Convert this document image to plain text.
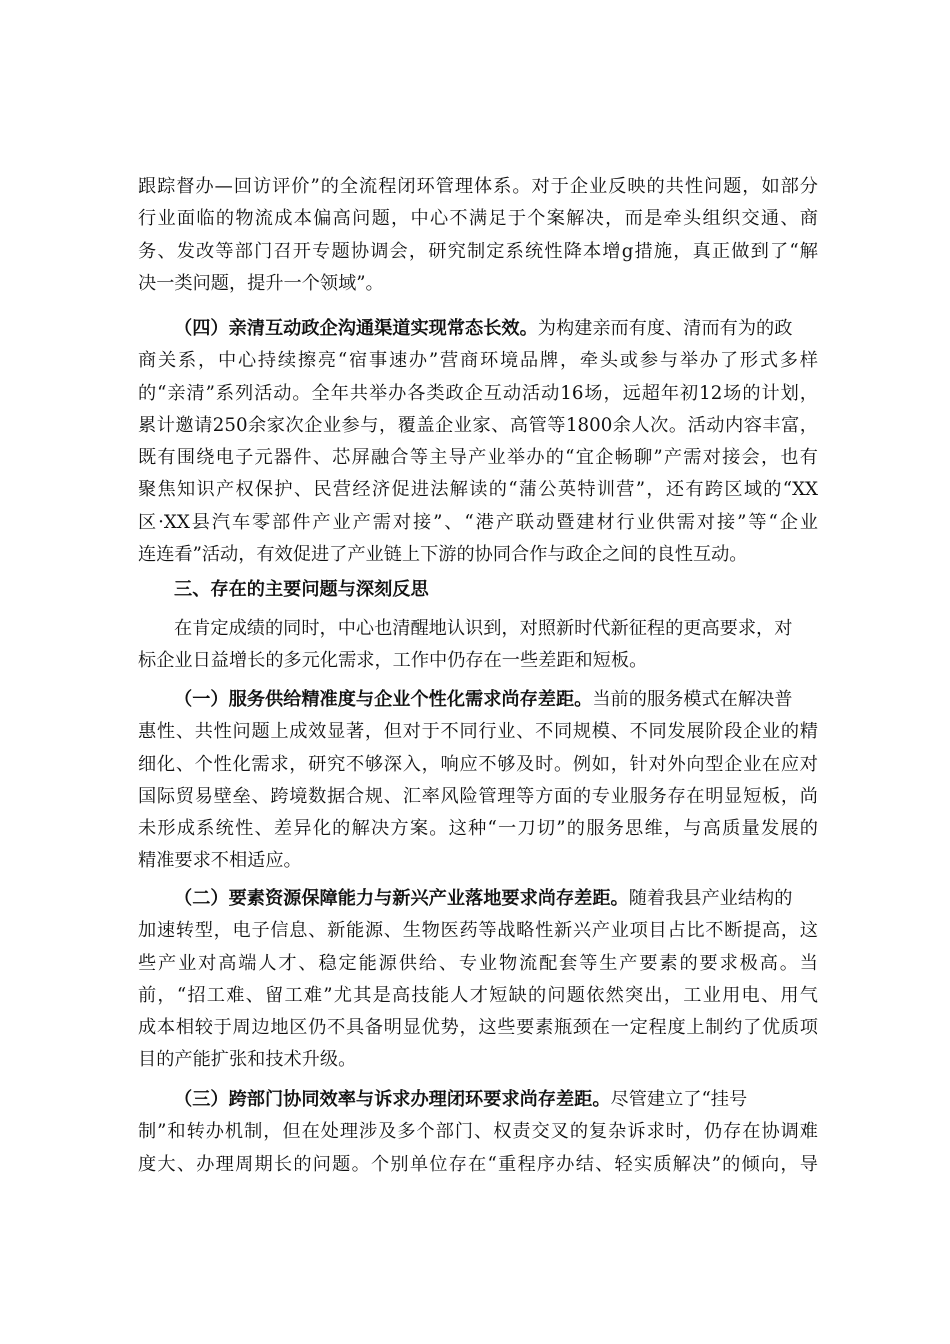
跟踪督办—回访评价”的全流程闭环管理体系。对于企业反映的共性问题，如部分
行业面临的物流成本偏高问题，中心不满足于个案解决，而是牵头组织交通、商
务、发改等部门召开专题协调会，研究制定系统性降本增g措施，真正做到了“解
决一类问题，提升一个领域”。
（四）亲清互动政企沟通渠道实现常态长效。为构建亲而有度、清而有为的政
商关系，中心持续擦亮“宿事速办”营商环境品牌，牵头或参与举办了形式多样
的“亲清”系列活动。全年共举办各类政企互动活动16场，远超年初12场的计划，
累计邀请250余家次企业参与，覆盖企业家、高管等1800余人次。活动内容丰富，
既有围绕电子元器件、芯屏融合等主导产业举办的“宜企畅聊”产需对接会，也有
聚焦知识产权保护、民营经济促进法解读的“蒲公英特训营”，还有跨区域的“XX
区·XX县汽车零部件产业产需对接”、“港产联动暨建材行业供需对接”等“企业
连连看”活动，有效促进了产业链上下游的协同合作与政企之间的良性互动。
三、存在的主要问题与深刻反思
在肯定成绩的同时，中心也清醒地认识到，对照新时代新征程的更高要求，对
标企业日益增长的多元化需求，工作中仍存在一些差距和短板。
（一）服务供给精准度与企业个性化需求尚存差距。当前的服务模式在解决普
惠性、共性问题上成效显著，但对于不同行业、不同规模、不同发展阶段企业的精
细化、个性化需求，研究不够深入，响应不够及时。例如，针对外向型企业在应对
国际贸易壁垒、跨境数据合规、汇率风险管理等方面的专业服务存在明显短板，尚
未形成系统性、差异化的解决方案。这种“一刀切”的服务思维，与高质量发展的
精准要求不相适应。
（二）要素资源保障能力与新兴产业落地要求尚存差距。随着我县产业结构的
加速转型，电子信息、新能源、生物医药等战略性新兴产业项目占比不断提高，这
些产业对高端人才、稳定能源供给、专业物流配套等生产要素的要求极高。当
前，“招工难、留工难”尤其是高技能人才短缺的问题依然突出，工业用电、用气
成本相较于周边地区仍不具备明显优势，这些要素瓶颈在一定程度上制约了优质项
目的产能扩张和技术升级。
（三）跨部门协同效率与诉求办理闭环要求尚存差距。尽管建立了“挂号
制”和转办机制，但在处理涉及多个部门、权责交叉的复杂诉求时，仍存在协调难
度大、办理周期长的问题。个别单位存在“重程序办结、轻实质解决”的倾向，导
